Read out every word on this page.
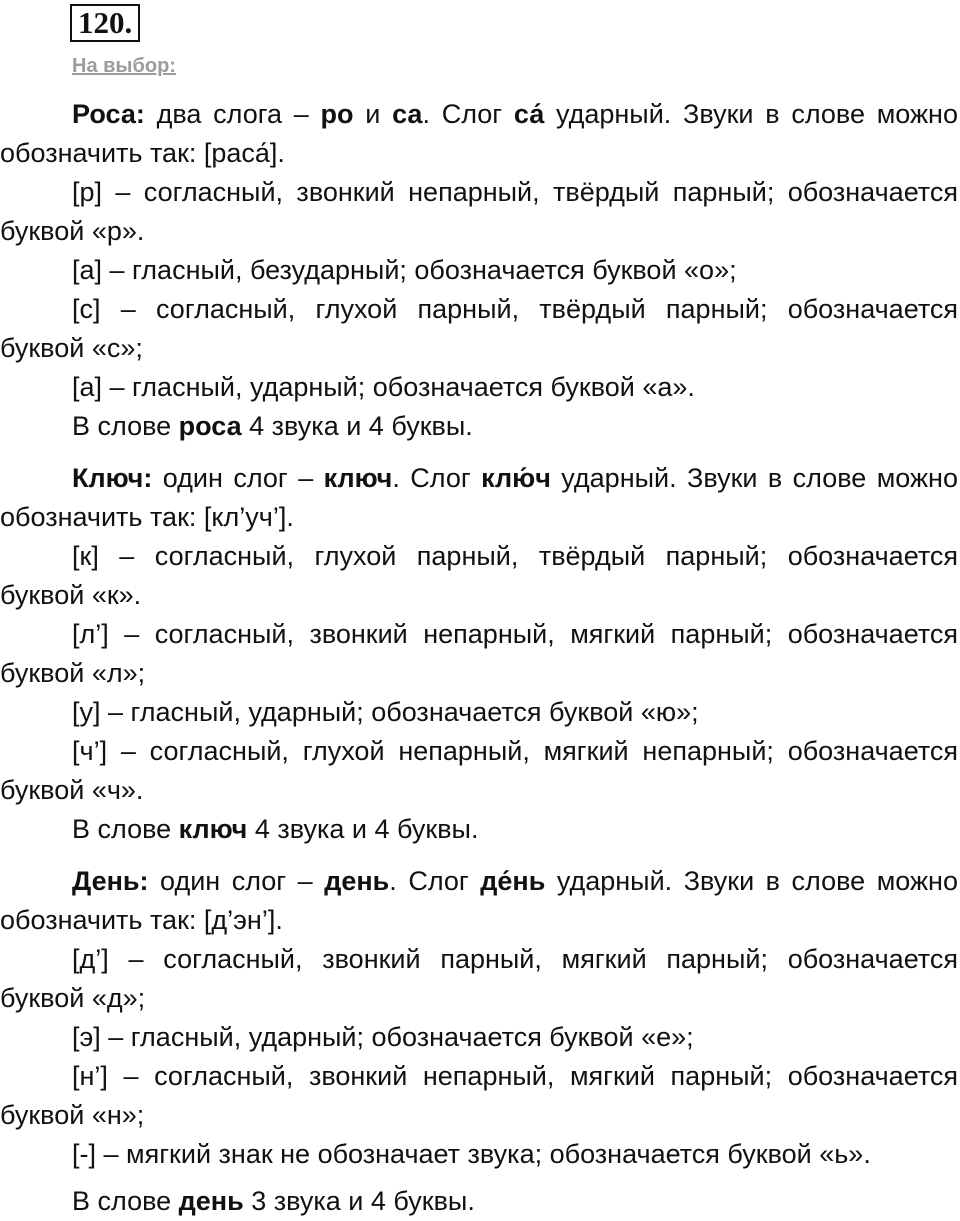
120.
На выбор:

Роса: два слога – ро и са. Слог са́ ударный. Звуки в слове можно обозначить так: [раса́].

[р] – согласный, звонкий непарный, твёрдый парный; обозначается буквой «р».

[а] – гласный, безударный; обозначается буквой «о»;

[с] – согласный, глухой парный, твёрдый парный; обозначается буквой «с»;

[а] – гласный, ударный; обозначается буквой «а».

В слове роса 4 звука и 4 буквы.

Ключ: один слог – ключ. Слог клю́ч ударный. Звуки в слове можно обозначить так: [кл’уч’].

[к] – согласный, глухой парный, твёрдый парный; обозначается буквой «к».

[л’] – согласный, звонкий непарный, мягкий парный; обозначается буквой «л»;

[у] – гласный, ударный; обозначается буквой «ю»;

[ч’] – согласный, глухой непарный, мягкий непарный; обозначается буквой «ч».

В слове ключ 4 звука и 4 буквы.

День: один слог – день. Слог де́нь ударный. Звуки в слове можно обозначить так: [д’эн’].

[д’] – согласный, звонкий парный, мягкий парный; обозначается буквой «д»;

[э] – гласный, ударный; обозначается буквой «е»;

[н’] – согласный, звонкий непарный, мягкий парный; обозначается буквой «н»;

[-] – мягкий знак не обозначает звука; обозначается буквой «ь».

В слове день 3 звука и 4 буквы.
